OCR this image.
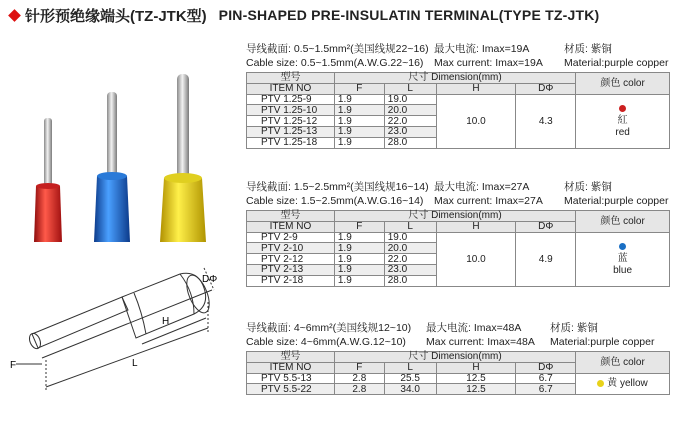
针形预绝缘端头(TZ-JTK型) PIN-SHAPED PRE-INSULATIN TERMINAL(TYPE TZ-JTK)
DΦ
H
L
F
导线截面: 0.5~1.5mm²(美国线规22~16) 最大电流: Imax=19A	材质: 紫铜
Cable size: 0.5~1.5mm(A.W.G.22~16) Max current: Imax=19A Material:purple copper
型号	尺寸 Dimension(mm)				颜色 color
ITEM NO	F	L	H	DΦ	
PTV 1.25-9	1.9	19.0	10.0	4.3	紅
red

PTV 1.25-10	1.9	20.0			
PTV 1.25-12	1.9	22.0			
PTV 1.25-13	1.9	23.0			
PTV 1.25-18	1.9	28.0			
导线截面: 1.5~2.5mm²(美国线规16~14) 最大电流: Imax=27A	材质: 紫铜
Cable size: 1.5~2.5mm(A.W.G.16~14) Max current: Imax=27A Material:purple copper
型号	尺寸 Dimension(mm)				颜色 color
ITEM NO	F	L	H	DΦ	
PTV 2-9	1.9	19.0	10.0	4.9	蓝
blue

PTV 2-10	1.9	20.0			
PTV 2-12	1.9	22.0			
PTV 2-13	1.9	23.0			
PTV 2-18	1.9	28.0			
导线截面: 4~6mm²(美国线规12~10) 最大电流: Imax=48A	材质: 紫铜
Cable size: 4~6mm(A.W.G.12~10) Max current: Imax=48A Material:purple copper
型号	尺寸 Dimension(mm)				颜色 color
ITEM NO	F	L	H	DΦ	
PTV 5.5-13	2.8	25.5	12.5	6.7	黄 yellow
PTV 5.5-22	2.8	34.0	12.5	6.7	
